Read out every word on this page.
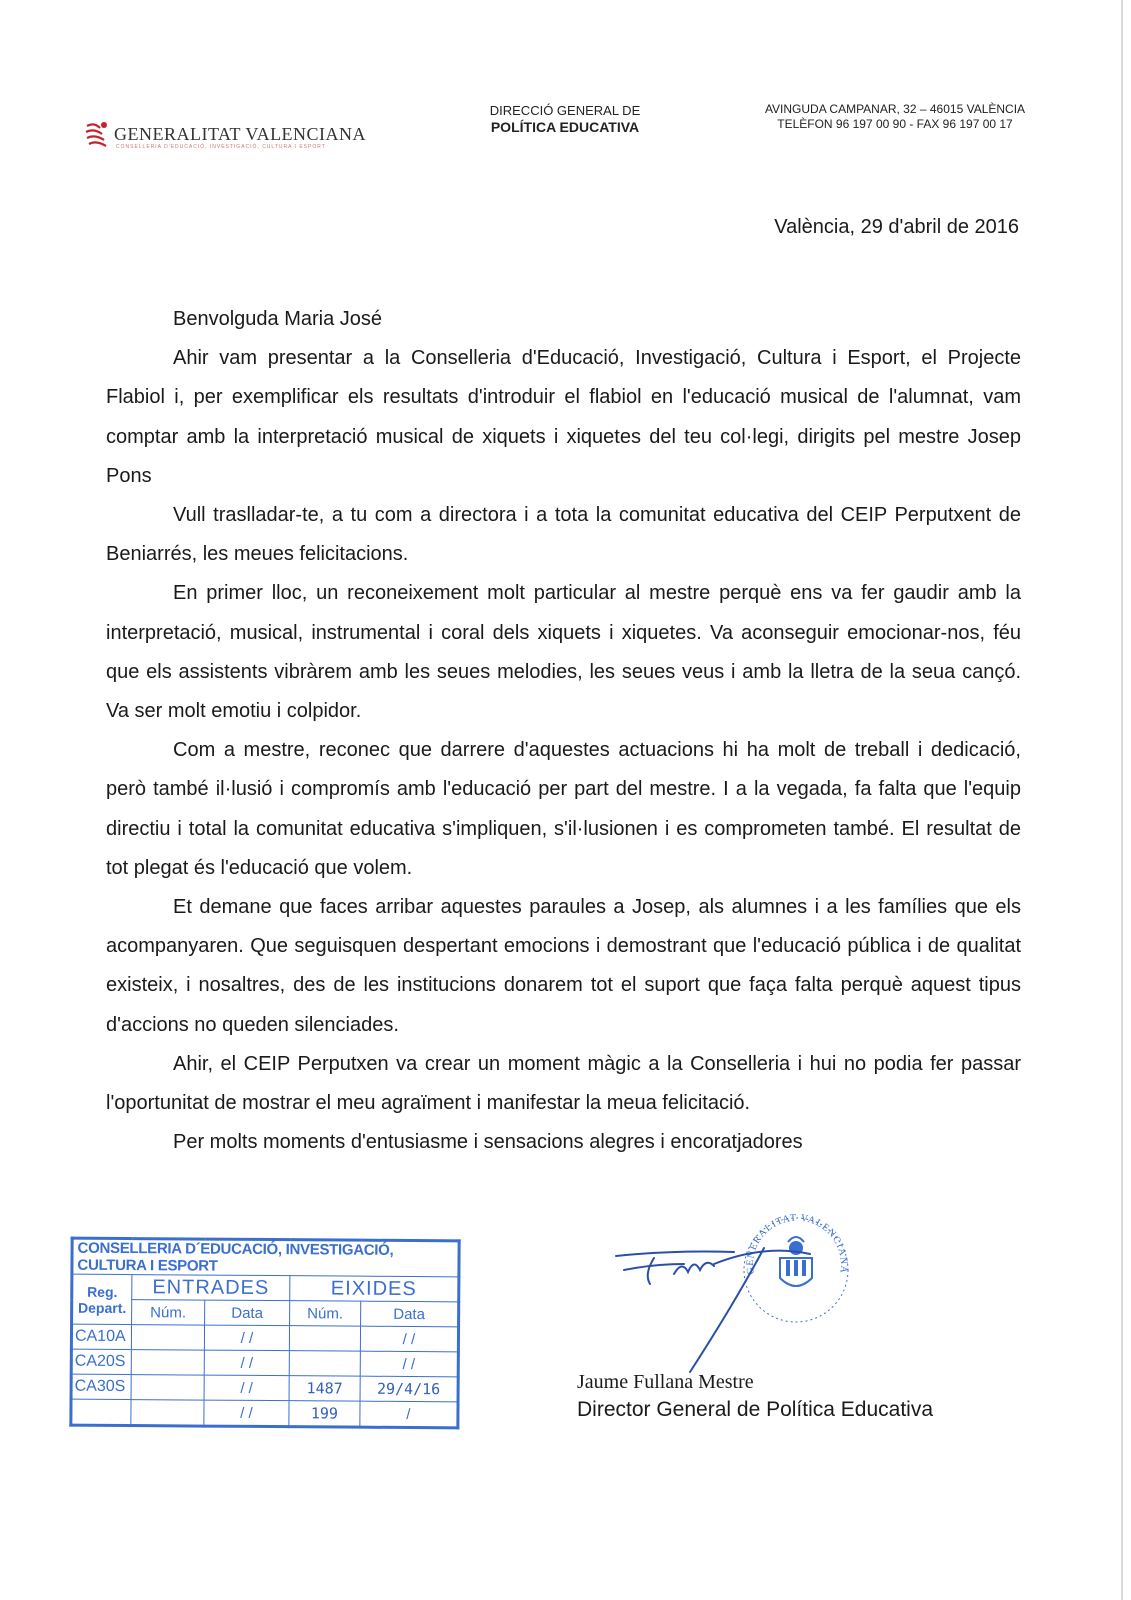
GENERALITAT VALENCIANA
CONSELLERIA D'EDUCACIÓ, INVESTIGACIÓ, CULTURA I ESPORT
DIRECCIÓ GENERAL DE
POLÍTICA EDUCATIVA
AVINGUDA CAMPANAR, 32 – 46015 VALÈNCIA
TELÈFON 96 197 00 90 - FAX 96 197 00 17
València, 29 d'abril de 2016

Benvolguda Maria José

Ahir vam presentar a la Conselleria d'Educació, Investigació, Cultura i Esport, el Projecte Flabiol i, per exemplificar els resultats d'introduir el flabiol en l'educació musical de l'alumnat, vam comptar amb la interpretació musical de xiquets i xiquetes del teu col·legi, dirigits pel mestre Josep Pons

Vull traslladar-te, a tu com a directora i a tota la comunitat educativa del CEIP Perputxent de Beniarrés, les meues felicitacions.

En primer lloc, un reconeixement molt particular al mestre perquè ens va fer gaudir amb la interpretació, musical, instrumental i coral dels xiquets i xiquetes. Va aconseguir emocionar-nos, féu que els assistents vibràrem amb les seues melodies, les seues veus i amb la lletra de la seua cançó. Va ser molt emotiu i colpidor.

Com a mestre, reconec que darrere d'aquestes actuacions hi ha molt de treball i dedicació, però també il·lusió i compromís amb l'educació per part del mestre. I a la vegada, fa falta que l'equip directiu i total la comunitat educativa s'impliquen, s'il·lusionen i es comprometen també. El resultat de tot plegat és l'educació que volem.

Et demane que faces arribar aquestes paraules a Josep, als alumnes i a les famílies que els acompanyaren. Que seguisquen despertant emocions i demostrant que l'educació pública i de qualitat existeix, i nosaltres, des de les institucions donarem tot el suport que faça falta perquè aquest tipus d'accions no queden silenciades.

Ahir, el CEIP Perputxen va crear un moment màgic a la Conselleria i hui no podia fer passar l'oportunitat de mostrar el meu agraïment i manifestar la meua felicitació.

Per molts moments d'entusiasme i sensacions alegres i encoratjadores

CONSELLERIA D´EDUCACIÓ, INVESTIGACIÓ, CULTURA I ESPORT				

Reg.
Depart.	ENTRADES		EIXIDES	
	Núm.	Data	Núm.	Data
CA10A		/ /		/ /
CA20S		/ /		/ /
CA30S		/ /	1487	29/4/16
		/ /	199	/
GENERALITAT VALENCIANA
Jaume Fullana Mestre
Director General de Política Educativa
